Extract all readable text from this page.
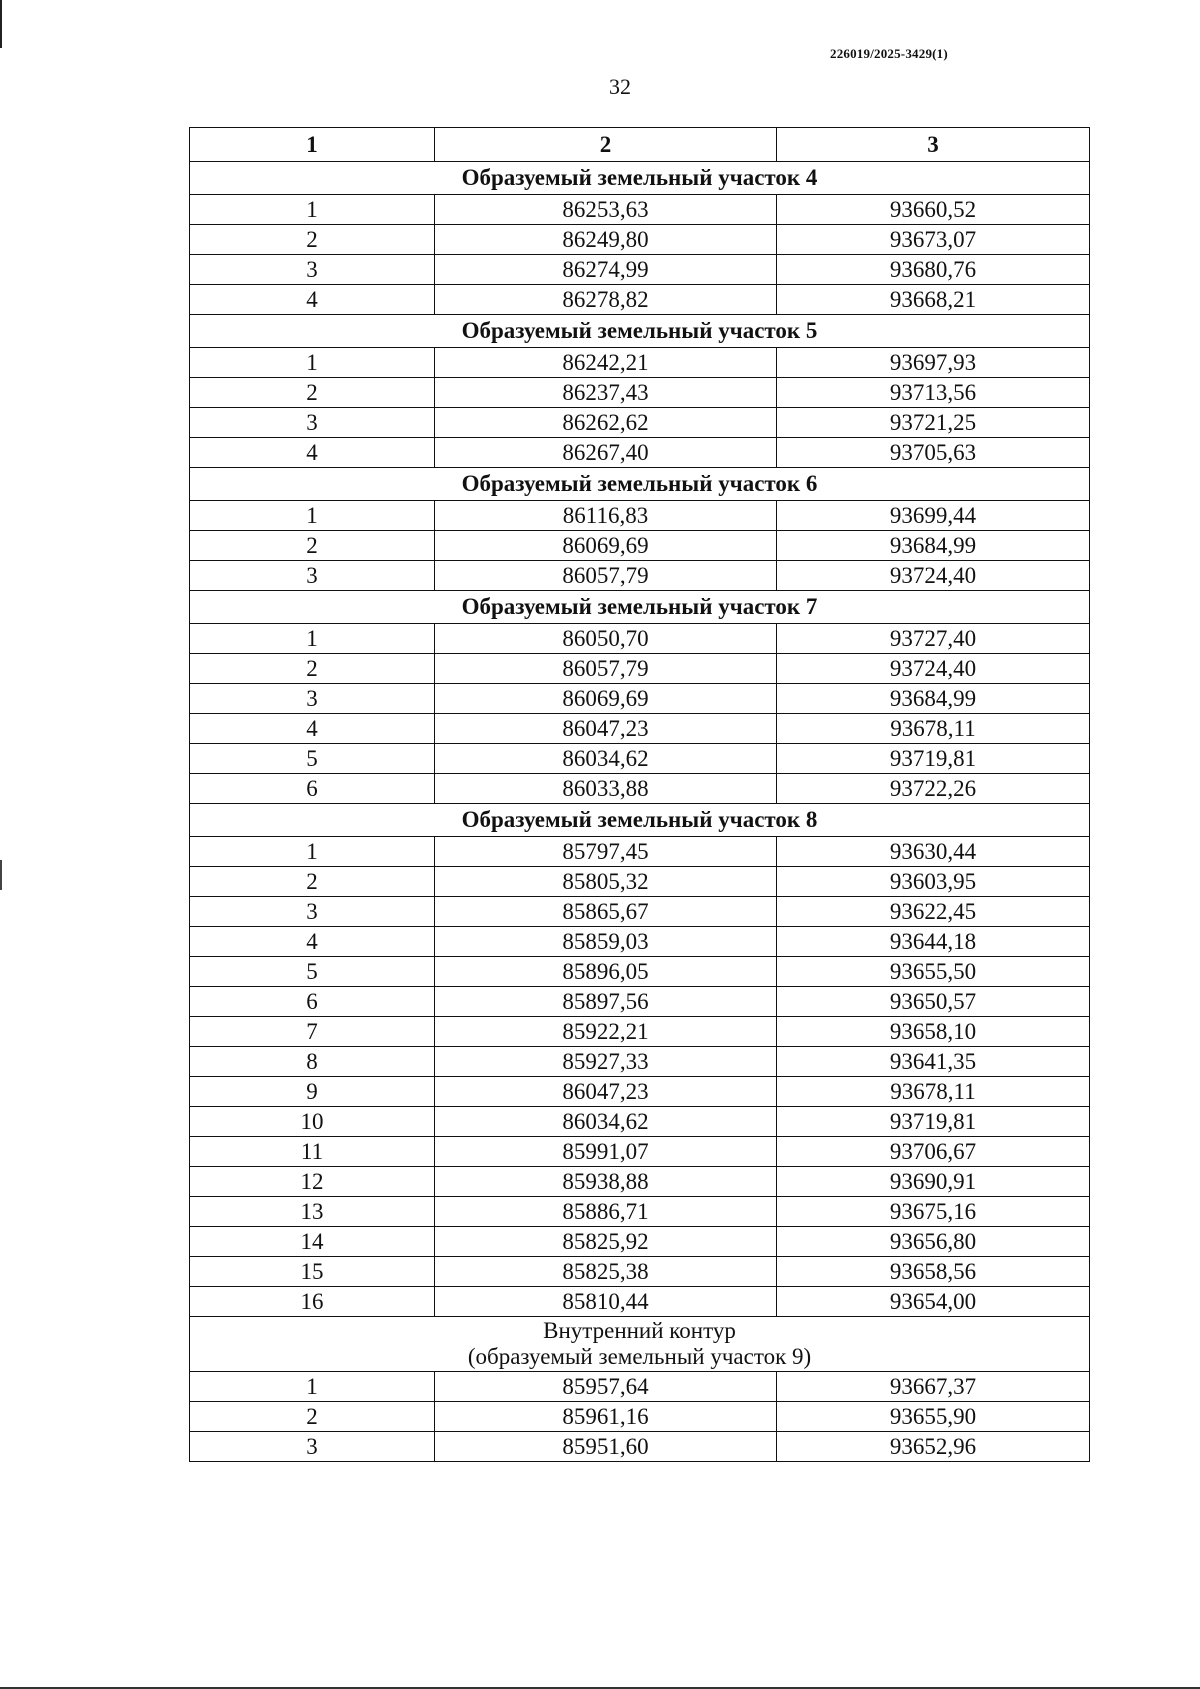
226019/2025-3429(1)
32
1	2	3
Образуемый земельный участок 4		
1	86253,63	93660,52
2	86249,80	93673,07
3	86274,99	93680,76
4	86278,82	93668,21
Образуемый земельный участок 5		
1	86242,21	93697,93
2	86237,43	93713,56
3	86262,62	93721,25
4	86267,40	93705,63
Образуемый земельный участок 6		
1	86116,83	93699,44
2	86069,69	93684,99
3	86057,79	93724,40
Образуемый земельный участок 7		
1	86050,70	93727,40
2	86057,79	93724,40
3	86069,69	93684,99
4	86047,23	93678,11
5	86034,62	93719,81
6	86033,88	93722,26
Образуемый земельный участок 8		
1	85797,45	93630,44
2	85805,32	93603,95
3	85865,67	93622,45
4	85859,03	93644,18
5	85896,05	93655,50
6	85897,56	93650,57
7	85922,21	93658,10
8	85927,33	93641,35
9	86047,23	93678,11
10	86034,62	93719,81
11	85991,07	93706,67
12	85938,88	93690,91
13	85886,71	93675,16
14	85825,92	93656,80
15	85825,38	93658,56
16	85810,44	93654,00

Внутренний контур
(образуемый земельный участок 9)		

1	85957,64	93667,37
2	85961,16	93655,90
3	85951,60	93652,96
